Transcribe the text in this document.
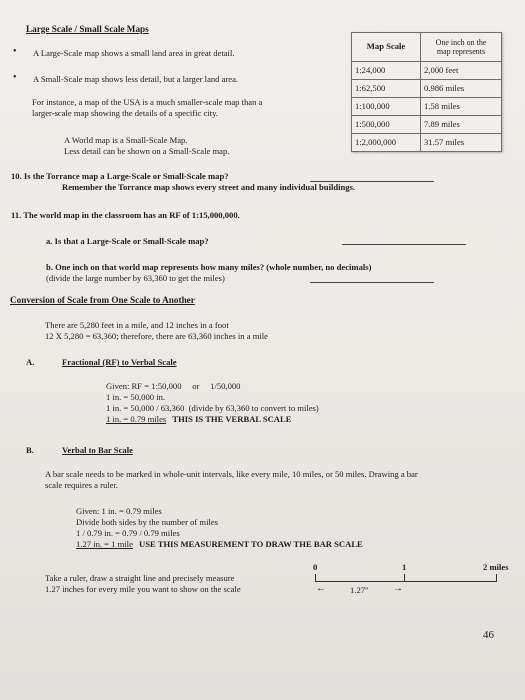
Large Scale / Small Scale Maps
• A Large-Scale map shows a small land area in great detail.
• A Small-Scale map shows less detail, but a larger land area.
For instance, a map of the USA is a much smaller-scale map than a
larger-scale map showing the details of a specific city.
A World map is a Small-Scale Map.
Less detail can be shown on a Small-Scale map.
Map Scale	One inch on the
map represents

1:24,000	2,000 feet
1:62,500	0.986 miles
1:100,000	1.58 miles
1:500,000	7.89 miles
1:2,000,000	31.57 miles
10. Is the Torrance map a Large-Scale or Small-Scale map?
Remember the Torrance map shows every street and many individual buildings.
11. The world map in the classroom has an RF of 1:15,000,000.
a. Is that a Large-Scale or Small-Scale map?
b. One inch on that world map represents how many miles? (whole number, no decimals)
(divide the large number by 63,360 to get the miles)
Conversion of Scale from One Scale to Another
There are 5,280 feet in a mile, and 12 inches in a foot
12 X 5,280 = 63,360; therefore, there are 63,360 inches in a mile
A.	Fractional (RF) to Verbal Scale
Given: RF = 1:50,000     or     1/50,000
1 in. = 50,000 in.
1 in. = 50,000 / 63,360  (divide by 63,360 to convert to miles)
1 in. = 0.79 miles THIS IS THE VERBAL SCALE
B.	Verbal to Bar Scale
A bar scale needs to be marked in whole-unit intervals, like every mile, 10 miles, or 50 miles. Drawing a bar
scale requires a ruler.
Given: 1 in. = 0.79 miles
Divide both sides by the number of miles
1 / 0.79 in. = 0.79 / 0.79 miles
1.27 in. = 1 mile USE THIS MEASUREMENT TO DRAW THE BAR SCALE
Take a ruler, draw a straight line and precisely measure
1.27 inches for every mile you want to show on the scale
0	1	2 miles
←	1.27" →
46
